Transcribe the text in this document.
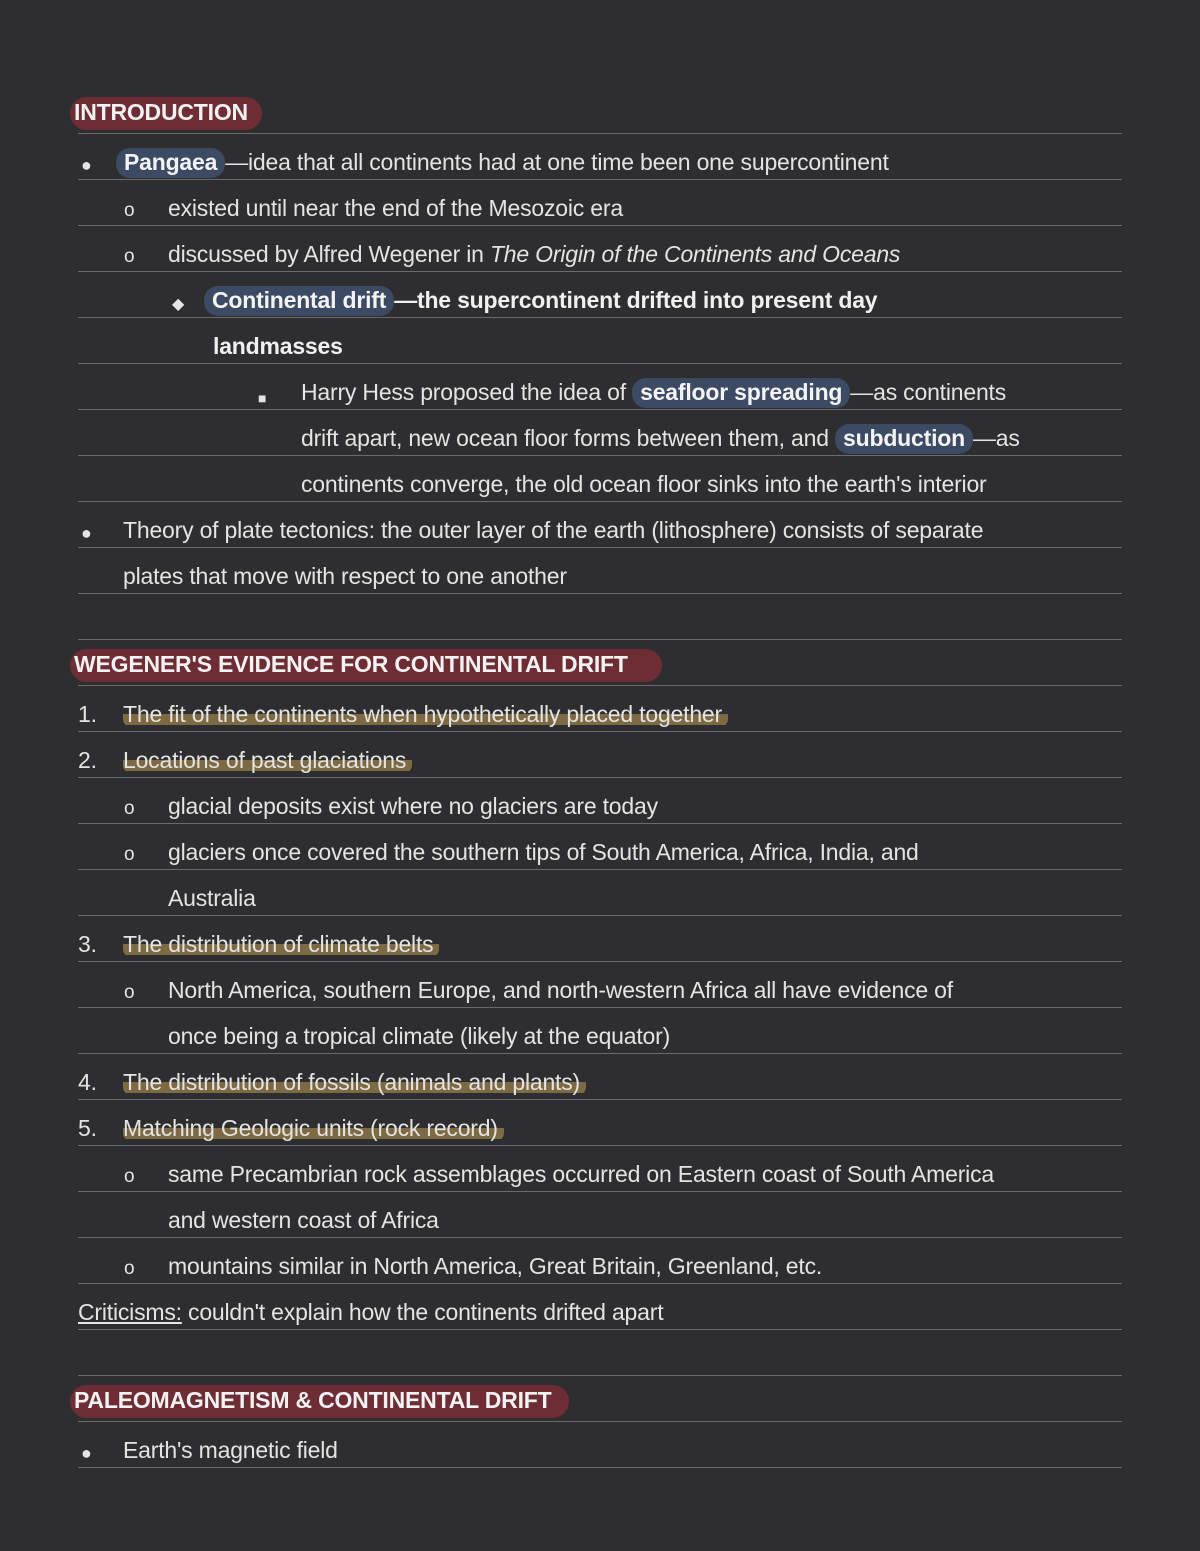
INTRODUCTION
●	Pangaea —idea that all continents had at one time been one supercontinent
o existed until near the end of the Mesozoic era
o discussed by Alfred Wegener in The Origin of the Continents and Oceans
◆	Continental drift —the supercontinent drifted into present day
landmasses
■ Harry Hess proposed the idea of seafloor spreading —as continents
drift apart, new ocean floor forms between them, and subduction —as
continents converge, the old ocean floor sinks into the earth's interior
● Theory of plate tectonics: the outer layer of the earth (lithosphere) consists of separate
plates that move with respect to one another
WEGENER'S EVIDENCE FOR CONTINENTAL DRIFT
1. The fit of the continents when hypothetically placed together
2. Locations of past glaciations
o glacial deposits exist where no glaciers are today
o glaciers once covered the southern tips of South America, Africa, India, and
Australia
3. The distribution of climate belts
o North America, southern Europe, and north-western Africa all have evidence of
once being a tropical climate (likely at the equator)
4. The distribution of fossils (animals and plants)
5. Matching Geologic units (rock record)
o same Precambrian rock assemblages occurred on Eastern coast of South America
and western coast of Africa
o mountains similar in North America, Great Britain, Greenland, etc.
Criticisms: couldn't explain how the continents drifted apart
PALEOMAGNETISM & CONTINENTAL DRIFT
● Earth's magnetic field
